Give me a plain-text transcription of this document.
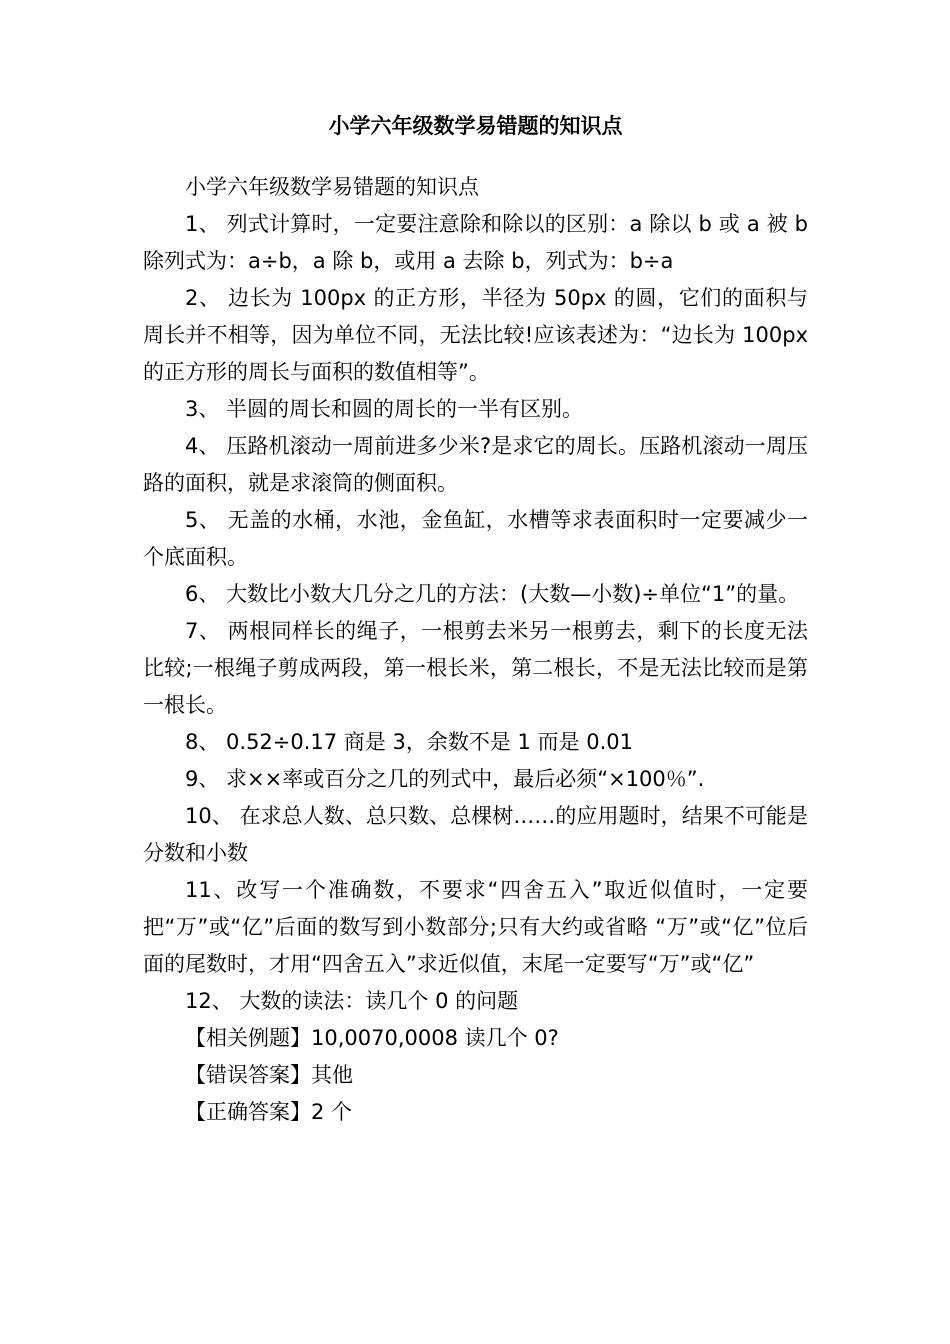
小学六年级数学易错题的知识点

小学六年级数学易错题的知识点

1、 列式计算时，一定要注意除和除以的区别：a 除以 b 或 a 被 b 除列式为：a÷b，a 除 b，或用 a 去除 b，列式为：b÷a

2、 边长为 100px 的正方形，半径为 50px 的圆，它们的面积与周长并不相等，因为单位不同，无法比较!应该表述为：“边长为 100px 的正方形的周长与面积的数值相等”。

3、 半圆的周长和圆的周长的一半有区别。

4、 压路机滚动一周前进多少米?是求它的周长。压路机滚动一周压路的面积，就是求滚筒的侧面积。

5、 无盖的水桶，水池，金鱼缸，水槽等求表面积时一定要减少一个底面积。

6、 大数比小数大几分之几的方法：(大数—小数)÷单位“1”的量。

7、 两根同样长的绳子，一根剪去米另一根剪去，剩下的长度无法比较;一根绳子剪成两段，第一根长米，第二根长，不是无法比较而是第一根长。

8、 0.52÷0.17 商是 3，余数不是 1 而是 0.01

9、 求××率或百分之几的列式中，最后必须“×100％”.

10、 在求总人数、总只数、总棵树……的应用题时，结果不可能是分数和小数

11、改写一个准确数，不要求“四舍五入”取近似值时，一定要把“万”或“亿”后面的数写到小数部分;只有大约或省略 “万”或“亿”位后面的尾数时，才用“四舍五入”求近似值，末尾一定要写“万”或“亿”

12、 大数的读法：读几个 0 的问题

【相关例题】10,0070,0008 读几个 0?

【错误答案】其他

【正确答案】2 个
